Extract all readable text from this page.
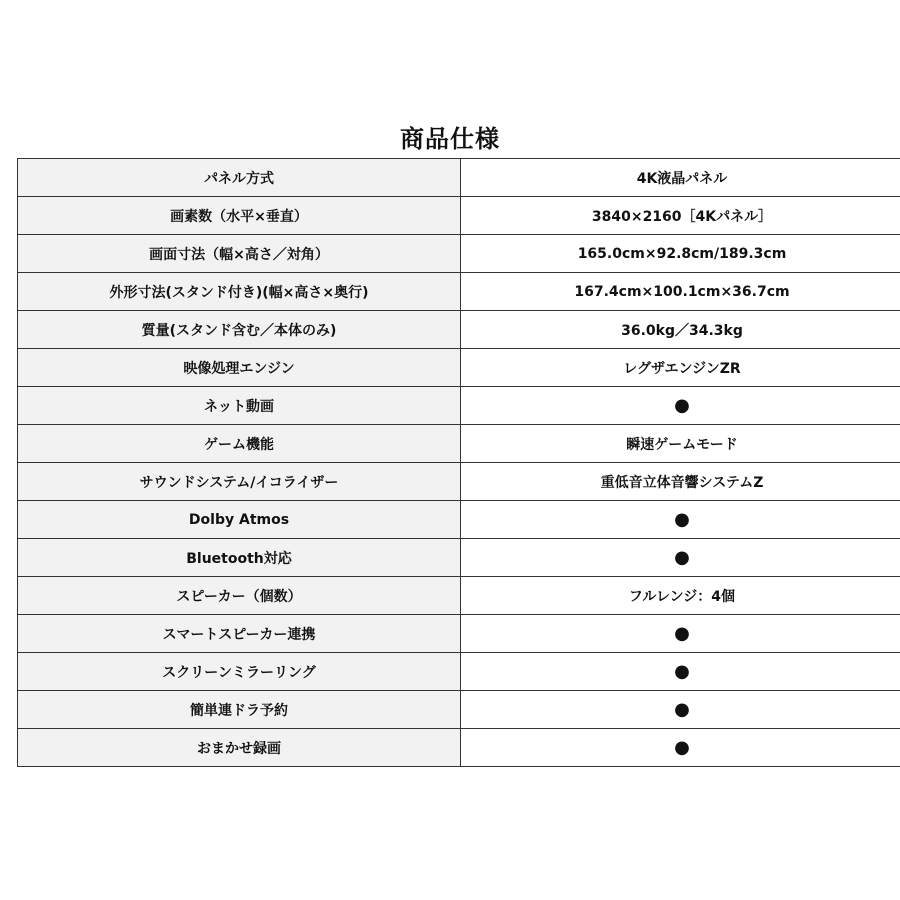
商品仕様
パネル方式	4K液晶パネル
画素数（水平×垂直）	3840×2160［4Kパネル］
画面寸法（幅×高さ／対角）	165.0cm×92.8cm/189.3cm
外形寸法(スタンド付き)(幅×高さ×奥行)	167.4cm×100.1cm×36.7cm
質量(スタンド含む／本体のみ)	36.0kg／34.3kg
映像処理エンジン	レグザエンジンZR
ネット動画	●
ゲーム機能	瞬速ゲームモード
サウンドシステム/イコライザー	重低音立体音響システムZ
Dolby Atmos	●
Bluetooth対応	●
スピーカー（個数）	フルレンジ：4個
スマートスピーカー連携	●
スクリーンミラーリング	●
簡単連ドラ予約	●
おまかせ録画	●
